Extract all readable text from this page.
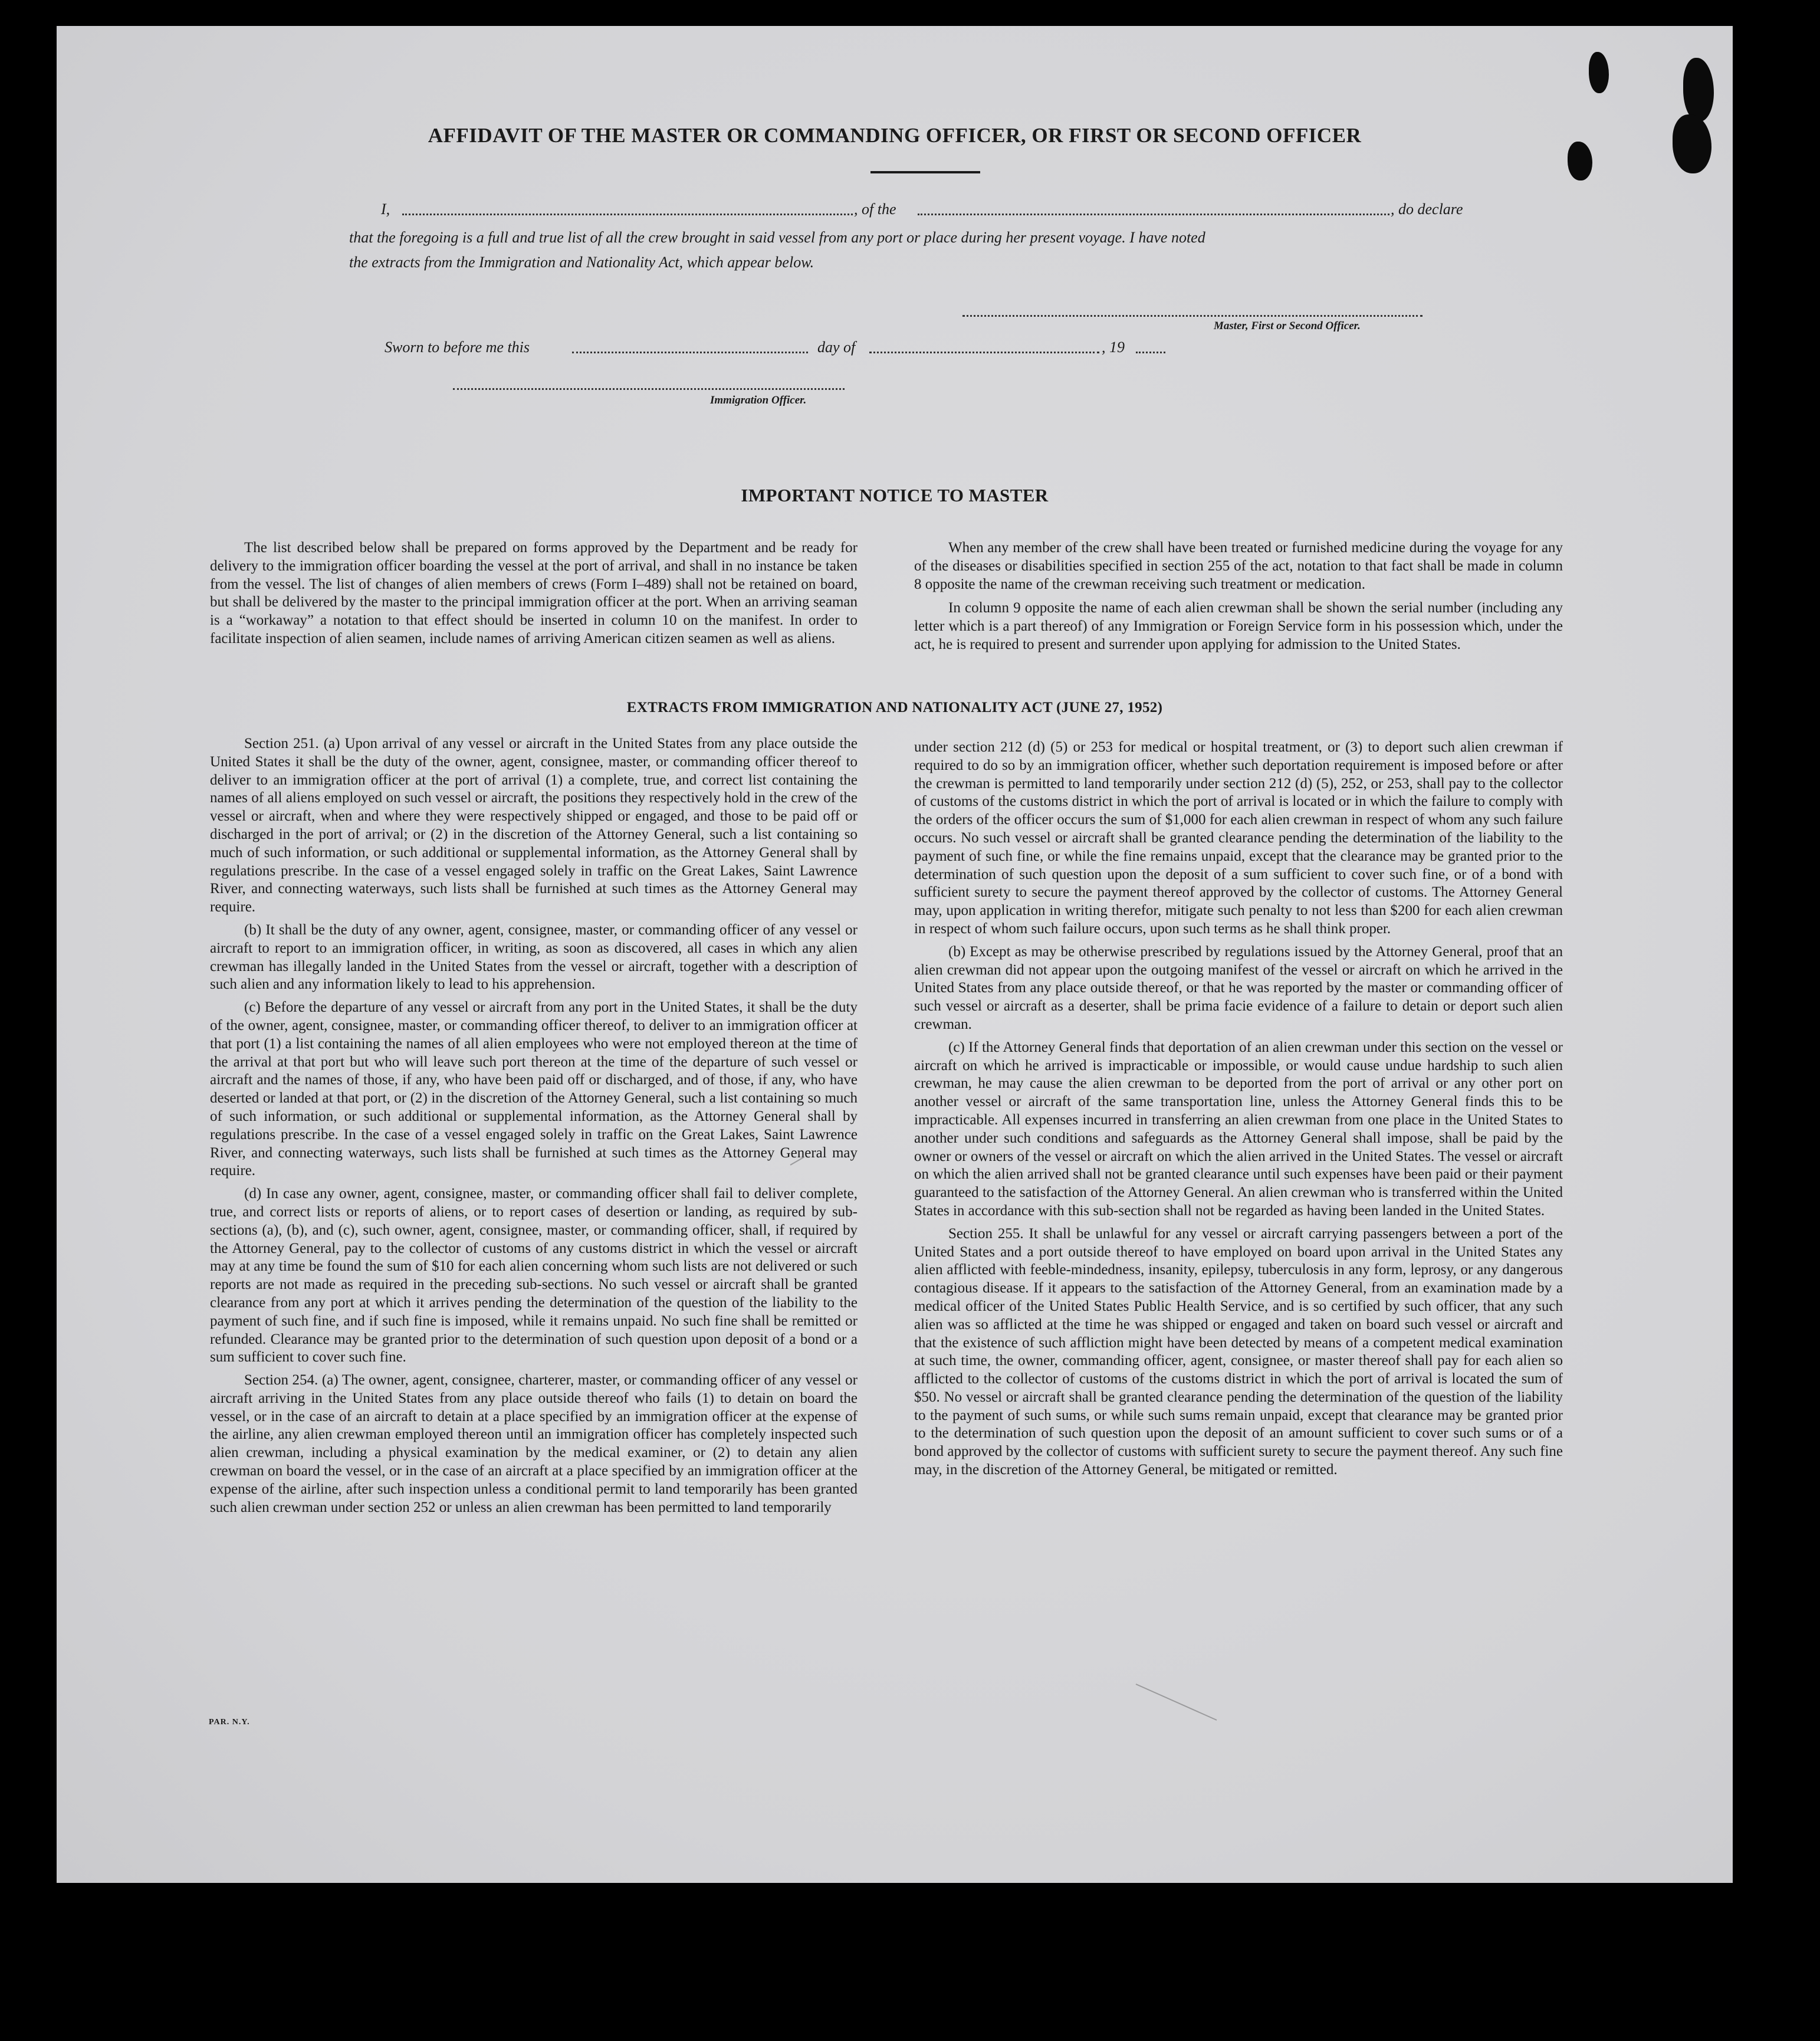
AFFIDAVIT OF THE MASTER OR COMMANDING OFFICER, OR FIRST OR SECOND OFFICER
I,	, of the	, do declare
that the foregoing is a full and true list of all the crew brought in said vessel from any port or place during her present voyage. I have noted
the extracts from the Immigration and Nationality Act, which appear below.
Master, First or Second Officer.
Sworn to before me this	day of	, 19
Immigration Officer.
IMPORTANT NOTICE TO MASTER

The list described below shall be prepared on forms approved by the Department and be ready for delivery to the immigration officer boarding the vessel at the port of arrival, and shall in no instance be taken from the vessel. The list of changes of alien members of crews (Form I–489) shall not be retained on board, but shall be delivered by the master to the principal immigration officer at the port. When an arriving seaman is a “workaway” a notation to that effect should be inserted in column 10 on the manifest. In order to facilitate inspection of alien seamen, include names of arriving American citizen seamen as well as aliens.

When any member of the crew shall have been treated or furnished medicine during the voyage for any of the diseases or disabilities specified in section 255 of the act, notation to that fact shall be made in column 8 opposite the name of the crewman receiving such treatment or medication.

In column 9 opposite the name of each alien crewman shall be shown the serial number (including any letter which is a part thereof) of any Immigration or Foreign Service form in his possession which, under the act, he is required to present and surrender upon applying for admission to the United States.

EXTRACTS FROM IMMIGRATION AND NATIONALITY ACT (JUNE 27, 1952)

Section 251. (a) Upon arrival of any vessel or aircraft in the United States from any place outside the United States it shall be the duty of the owner, agent, consignee, master, or commanding officer thereof to deliver to an immigration officer at the port of arrival (1) a complete, true, and correct list containing the names of all aliens employed on such vessel or aircraft, the positions they respectively hold in the crew of the vessel or aircraft, when and where they were respectively shipped or engaged, and those to be paid off or discharged in the port of arrival; or (2) in the discretion of the Attorney General, such a list containing so much of such information, or such additional or supplemental information, as the Attorney General shall by regulations prescribe. In the case of a vessel engaged solely in traffic on the Great Lakes, Saint Lawrence River, and connecting waterways, such lists shall be furnished at such times as the Attorney General may require.

(b) It shall be the duty of any owner, agent, consignee, master, or commanding officer of any vessel or aircraft to report to an immigration officer, in writing, as soon as discovered, all cases in which any alien crewman has illegally landed in the United States from the vessel or aircraft, together with a description of such alien and any information likely to lead to his apprehension.

(c) Before the departure of any vessel or aircraft from any port in the United States, it shall be the duty of the owner, agent, consignee, master, or commanding officer thereof, to deliver to an immigration officer at that port (1) a list containing the names of all alien employees who were not employed thereon at the time of the arrival at that port but who will leave such port thereon at the time of the departure of such vessel or aircraft and the names of those, if any, who have been paid off or discharged, and of those, if any, who have deserted or landed at that port, or (2) in the discretion of the Attorney General, such a list containing so much of such information, or such additional or supplemental information, as the Attorney General shall by regulations prescribe. In the case of a vessel engaged solely in traffic on the Great Lakes, Saint Lawrence River, and connecting waterways, such lists shall be furnished at such times as the Attorney General may require.

(d) In case any owner, agent, consignee, master, or commanding officer shall fail to deliver complete, true, and correct lists or reports of aliens, or to report cases of desertion or landing, as required by sub-sections (a), (b), and (c), such owner, agent, consignee, master, or commanding officer, shall, if required by the Attorney General, pay to the collector of customs of any customs district in which the vessel or aircraft may at any time be found the sum of $10 for each alien concerning whom such lists are not delivered or such reports are not made as required in the preceding sub-sections. No such vessel or aircraft shall be granted clearance from any port at which it arrives pending the determination of the question of the liability to the payment of such fine, and if such fine is imposed, while it remains unpaid. No such fine shall be remitted or refunded. Clearance may be granted prior to the determination of such question upon deposit of a bond or a sum sufficient to cover such fine.

Section 254. (a) The owner, agent, consignee, charterer, master, or commanding officer of any vessel or aircraft arriving in the United States from any place outside thereof who fails (1) to detain on board the vessel, or in the case of an aircraft to detain at a place specified by an immigration officer at the expense of the airline, any alien crewman employed thereon until an immigration officer has completely inspected such alien crewman, including a physical examination by the medical examiner, or (2) to detain any alien crewman on board the vessel, or in the case of an aircraft at a place specified by an immigration officer at the expense of the airline, after such inspection unless a conditional permit to land temporarily has been granted such alien crewman under section 252 or unless an alien crewman has been permitted to land temporarily

under section 212 (d) (5) or 253 for medical or hospital treatment, or (3) to deport such alien crewman if required to do so by an immigration officer, whether such deportation requirement is imposed before or after the crewman is permitted to land temporarily under section 212 (d) (5), 252, or 253, shall pay to the collector of customs of the customs district in which the port of arrival is located or in which the failure to comply with the orders of the officer occurs the sum of $1,000 for each alien crewman in respect of whom any such failure occurs. No such vessel or aircraft shall be granted clearance pending the determination of the liability to the payment of such fine, or while the fine remains unpaid, except that the clearance may be granted prior to the determination of such question upon the deposit of a sum sufficient to cover such fine, or of a bond with sufficient surety to secure the payment thereof approved by the collector of customs. The Attorney General may, upon application in writing therefor, mitigate such penalty to not less than $200 for each alien crewman in respect of whom such failure occurs, upon such terms as he shall think proper.

(b) Except as may be otherwise prescribed by regulations issued by the Attorney General, proof that an alien crewman did not appear upon the outgoing manifest of the vessel or aircraft on which he arrived in the United States from any place outside thereof, or that he was reported by the master or commanding officer of such vessel or aircraft as a deserter, shall be prima facie evidence of a failure to detain or deport such alien crewman.

(c) If the Attorney General finds that deportation of an alien crewman under this section on the vessel or aircraft on which he arrived is impracticable or impossible, or would cause undue hardship to such alien crewman, he may cause the alien crewman to be deported from the port of arrival or any other port on another vessel or aircraft of the same transportation line, unless the Attorney General finds this to be impracticable. All expenses incurred in transferring an alien crewman from one place in the United States to another under such conditions and safeguards as the Attorney General shall impose, shall be paid by the owner or owners of the vessel or aircraft on which the alien arrived in the United States. The vessel or aircraft on which the alien arrived shall not be granted clearance until such expenses have been paid or their payment guaranteed to the satisfaction of the Attorney General. An alien crewman who is transferred within the United States in accordance with this sub-section shall not be regarded as having been landed in the United States.

Section 255. It shall be unlawful for any vessel or aircraft carrying passengers between a port of the United States and a port outside thereof to have employed on board upon arrival in the United States any alien afflicted with feeble-mindedness, insanity, epilepsy, tuberculosis in any form, leprosy, or any dangerous contagious disease. If it appears to the satisfaction of the Attorney General, from an examination made by a medical officer of the United States Public Health Service, and is so certified by such officer, that any such alien was so afflicted at the time he was shipped or engaged and taken on board such vessel or aircraft and that the existence of such affliction might have been detected by means of a competent medical examination at such time, the owner, commanding officer, agent, consignee, or master thereof shall pay for each alien so afflicted to the collector of customs of the customs district in which the port of arrival is located the sum of $50. No vessel or aircraft shall be granted clearance pending the determination of the question of the liability to the payment of such sums, or while such sums remain unpaid, except that clearance may be granted prior to the determination of such question upon the deposit of an amount sufficient to cover such sums or of a bond approved by the collector of customs with sufficient surety to secure the payment thereof. Any such fine may, in the discretion of the Attorney General, be mitigated or remitted.

PAR. N.Y.
